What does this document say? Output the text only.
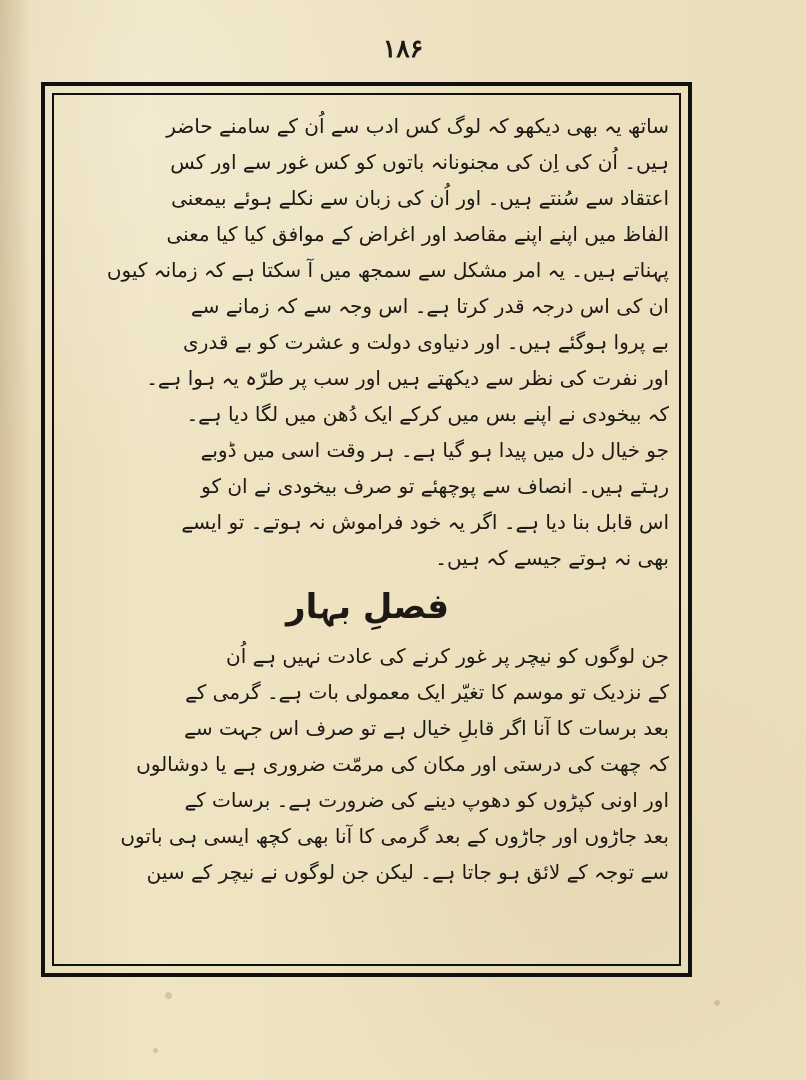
۱۸۶
ساتھ یہ بھی دیکھو کہ لوگ کس ادب سے اُن کے سامنے حاضر
ہیں۔ اُن کی اِن کی مجنونانہ باتوں کو کس غور سے اور کس
اعتقاد سے سُنتے ہیں۔ اور اُن کی زبان سے نکلے ہوئے بیمعنی
الفاظ میں اپنے اپنے مقاصد اور اغراض کے موافق کیا کیا معنی
پہناتے ہیں۔ یہ امر مشکل سے سمجھ میں آ سکتا ہے کہ زمانہ کیوں
ان کی اس درجہ قدر کرتا ہے۔ اس وجہ سے کہ زمانے سے
بے پروا ہوگئے ہیں۔ اور دنیاوی دولت و عشرت کو بے قدری
اور نفرت کی نظر سے دیکھتے ہیں اور سب پر طرّہ یہ ہوا ہے۔
کہ بیخودی نے اپنے بس میں کرکے ایک دُھن میں لگا دیا ہے۔
جو خیال دل میں پیدا ہو گیا ہے۔ ہر وقت اسی میں ڈوبے
رہتے ہیں۔ انصاف سے پوچھئے تو صرف بیخودی نے ان کو
اس قابل بنا دیا ہے۔ اگر یہ خود فراموش نہ ہوتے۔ تو ایسے
بھی نہ ہوتے جیسے کہ ہیں۔
فصلِ بہار
جن لوگوں کو نیچر پر غور کرنے کی عادت نہیں ہے اُن
کے نزدیک تو موسم کا تغیّر ایک معمولی بات ہے۔ گرمی کے
بعد برسات کا آنا اگر قابلِ خیال ہے تو صرف اس جہت سے
کہ چھت کی درستی اور مکان کی مرمّت ضروری ہے یا دوشالوں
اور اونی کپڑوں کو دھوپ دینے کی ضرورت ہے۔ برسات کے
بعد جاڑوں اور جاڑوں کے بعد گرمی کا آنا بھی کچھ ایسی ہی باتوں
سے توجہ کے لائق ہو جاتا ہے۔ لیکن جن لوگوں نے نیچر کے سین
